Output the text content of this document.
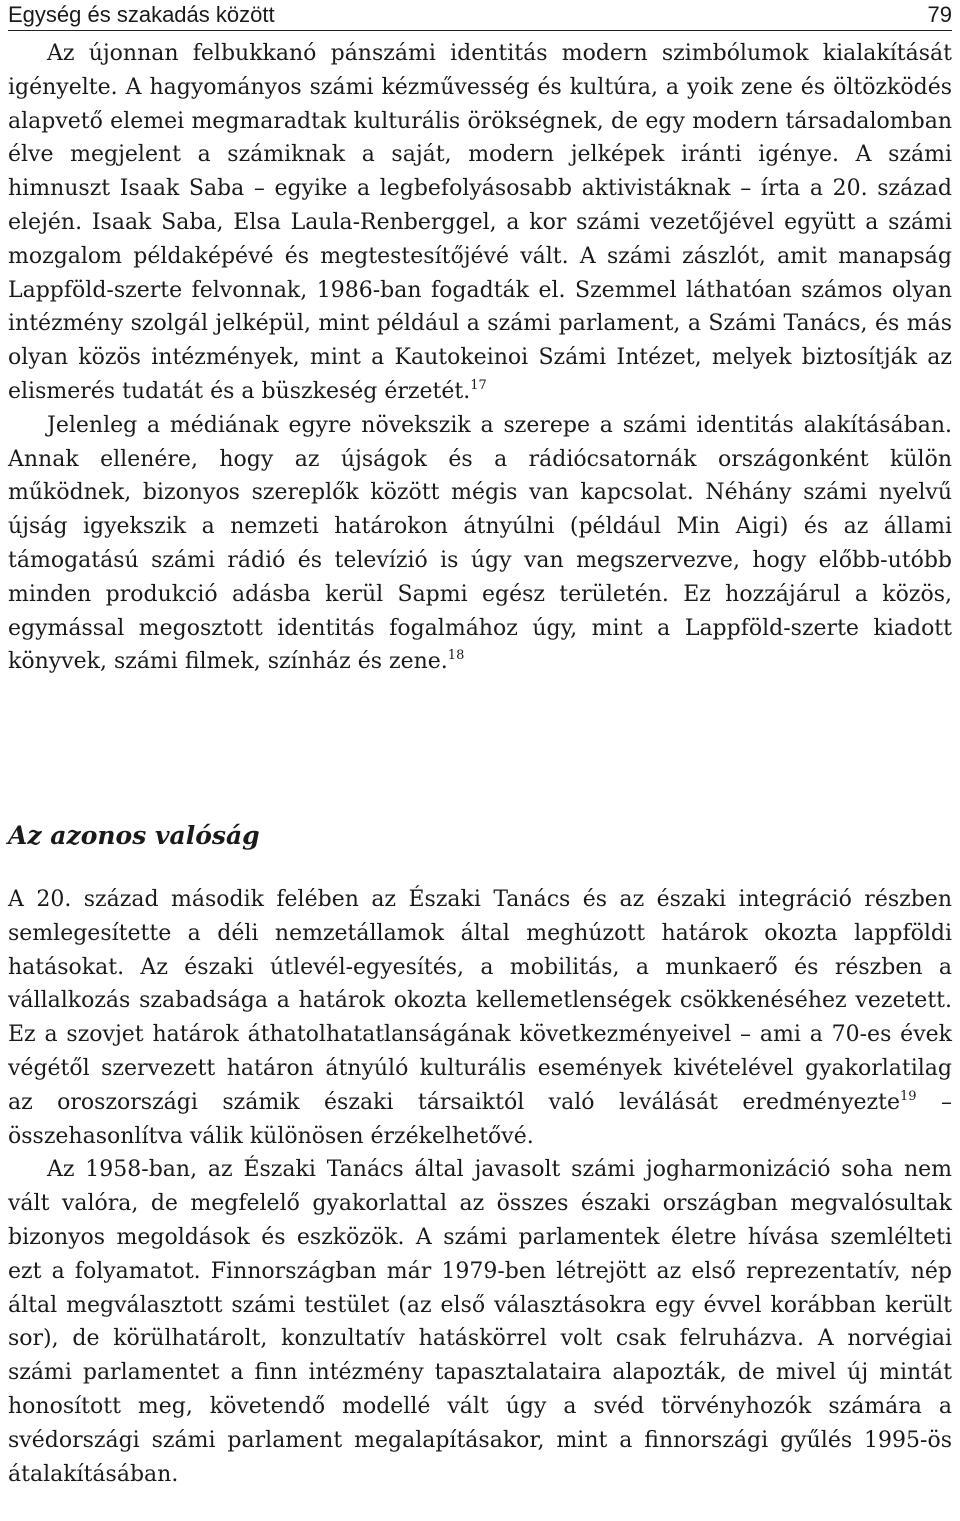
Egység és szakadás között	79

Az újonnan felbukkanó pánszámi identitás modern szimbólumok kialakítását igényelte. A hagyományos számi kézművesség és kultúra, a yoik zene és öltözködés alapvető elemei megmaradtak kulturális örökségnek, de egy modern társadalomban élve megjelent a számiknak a saját, modern jelképek iránti igénye. A számi himnuszt Isaak Saba – egyike a legbefolyásosabb aktivistáknak – írta a 20. század elején. Isaak Saba, Elsa Laula-Renberggel, a kor számi vezetőjével együtt a számi mozgalom példaképévé és megtestesítőjévé vált. A számi zászlót, amit manapság Lappföld-szerte felvonnak, 1986-ban fogadták el. Szemmel láthatóan számos olyan intézmény szolgál jelképül, mint például a számi parlament, a Számi Tanács, és más olyan közös intézmények, mint a Kautokeinoi Számi Intézet, melyek biztosítják az elismerés tudatát és a büszkeség érzetét.$^{17}$

Jelenleg a médiának egyre növekszik a szerepe a számi identitás alakításában. Annak ellenére, hogy az újságok és a rádiócsatornák országonként külön működnek, bizonyos szereplők között mégis van kapcsolat. Néhány számi nyelvű újság igyekszik a nemzeti határokon átnyúlni (például Min Aigi) és az állami támogatású számi rádió és televízió is úgy van megszervezve, hogy előbb-utóbb minden produkció adásba kerül Sapmi egész területén. Ez hozzájárul a közös, egymással megosztott identitás fogalmához úgy, mint a Lappföld-szerte kiadott könyvek, számi filmek, színház és zene.$^{18}$

Az azonos valóság

A 20. század második felében az Északi Tanács és az északi integráció részben semlegesítette a déli nemzetállamok által meghúzott határok okozta lappföldi hatásokat. Az északi útlevél-egyesítés, a mobilitás, a munkaerő és részben a vállalkozás szabadsága a határok okozta kellemetlenségek csökkenéséhez vezetett. Ez a szovjet határok áthatolhatatlanságának következményeivel – ami a 70-es évek végétől szervezett határon átnyúló kulturális események kivételével gyakorlatilag az oroszországi számik északi társaiktól való leválását eredményezte$^{19}$ – összehasonlítva válik különösen érzékelhetővé.

Az 1958-ban, az Északi Tanács által javasolt számi jogharmonizáció soha nem vált valóra, de megfelelő gyakorlattal az összes északi országban megvalósultak bizonyos megoldások és eszközök. A számi parlamentek életre hívása szemlélteti ezt a folyamatot. Finnországban már 1979-ben létrejött az első reprezentatív, nép által megválasztott számi testület (az első választásokra egy évvel korábban került sor), de körülhatárolt, konzultatív hatáskörrel volt csak felruházva. A norvégiai számi parlamentet a finn intézmény tapasztalataira alapozták, de mivel új mintát honosított meg, követendő modellé vált úgy a svéd törvényhozók számára a svédországi számi parlament megalapításakor, mint a finnországi gyűlés 1995-ös átalakításában.
